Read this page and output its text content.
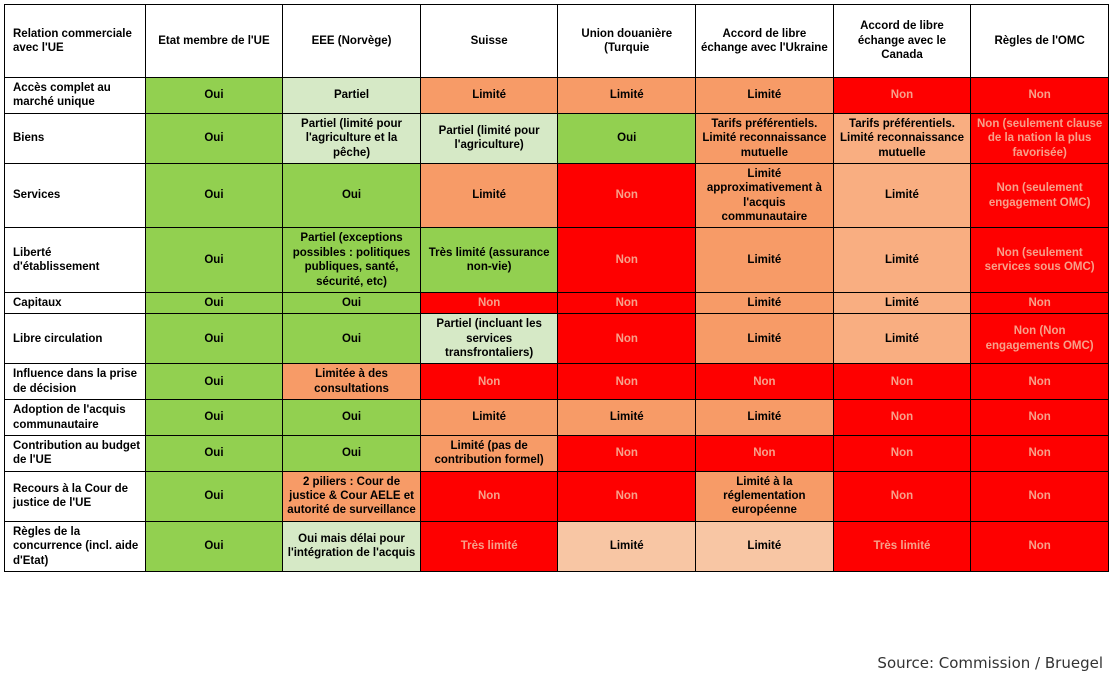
Relation commerciale avec l'UE	Etat membre de l'UE	EEE (Norvège)	Suisse	Union douanière (Turquie	Accord de libre échange avec l'Ukraine	Accord de libre échange avec le Canada	Règles de l'OMC
Accès complet au marché unique	Oui	Partiel	Limité	Limité	Limité	Non	Non
Biens	Oui	Partiel (limité pour l'agriculture et la pêche)	Partiel (limité pour l'agriculture)	Oui	Tarifs préférentiels. Limité reconnaissance mutuelle	Tarifs préférentiels. Limité reconnaissance mutuelle	Non (seulement clause de la nation la plus favorisée)
Services	Oui	Oui	Limité	Non	Limité approximativement à l'acquis communautaire	Limité	Non (seulement engagement OMC)
Liberté d'établissement	Oui	Partiel (exceptions possibles : politiques publiques, santé, sécurité, etc)	Très limité (assurance non-vie)	Non	Limité	Limité	Non (seulement services sous OMC)
Capitaux	Oui	Oui	Non	Non	Limité	Limité	Non
Libre circulation	Oui	Oui	Partiel (incluant les services transfrontaliers)	Non	Limité	Limité	Non (Non engagements OMC)
Influence dans la prise de décision	Oui	Limitée à des consultations	Non	Non	Non	Non	Non
Adoption de l'acquis communautaire	Oui	Oui	Limité	Limité	Limité	Non	Non
Contribution au budget de l'UE	Oui	Oui	Limité (pas de contribution formel)	Non	Non	Non	Non
Recours à la Cour de justice de l'UE	Oui	2 piliers : Cour de justice & Cour AELE et autorité de surveillance	Non	Non	Limité à la réglementation européenne	Non	Non
Règles de la concurrence (incl. aide d'Etat)	Oui	Oui mais délai pour l'intégration de l'acquis	Très limité	Limité	Limité	Très limité	Non
Source: Commission / Bruegel
